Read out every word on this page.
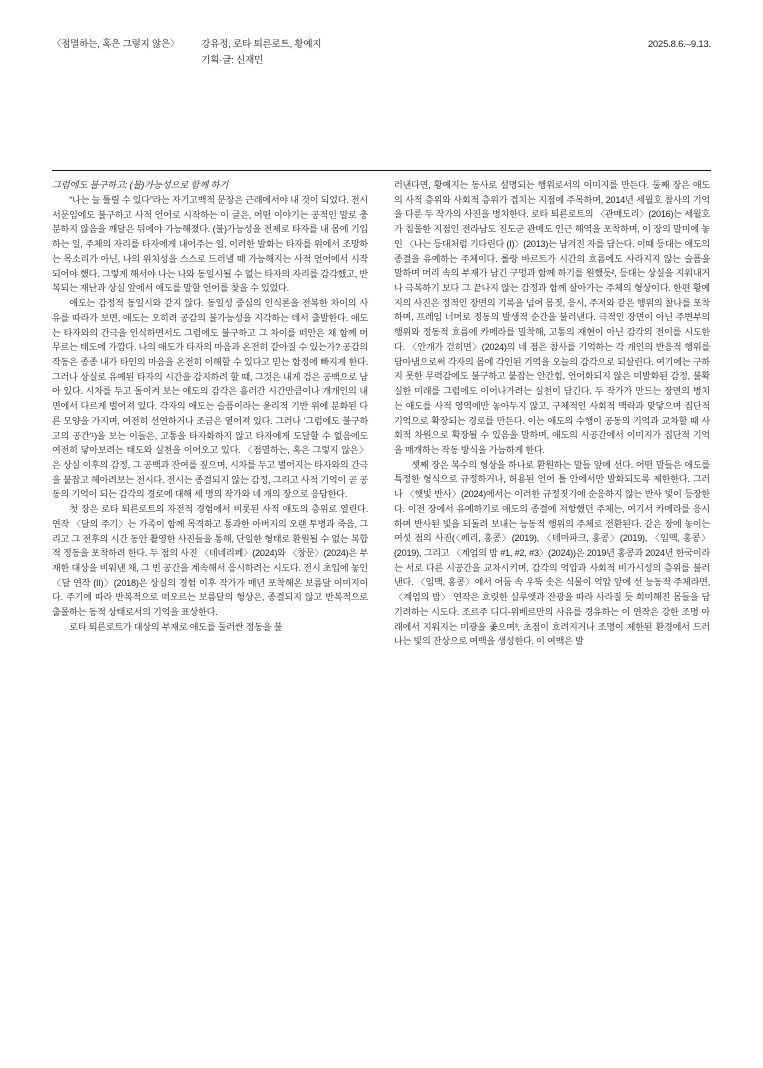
〈점멸하는, 혹은 그렇지 않은〉 강유정, 로타 퇴른로트, 황예지
기획·글: 신재민
2025.8.6.–9.13.

그럼에도 불구하고: (불)가능성으로 함께 하기

“나는 늘 틀릴 수 있다”라는 자기고백적 문장은 근래에서야 내 것이 되었다. 전시 서문임에도 불구하고 사적 언어로 시작하는 이 글은, 어떤 이야기는 공적인 말로 충분하지 않음을 깨달은 뒤에야 가능해졌다. (불)가능성을 전제로 타자를 내 몸에 기입하는 일, 주체의 자리를 타자에게 내어주는 일. 이러한 발화는 타자를 위에서 조망하는 목소리가 아닌, 나의 위치성을 스스로 드러낼 때 가능해지는 사적 언어에서 시작되어야 했다. 그렇게 해서야 나는 나와 동일시될 수 없는 타자의 자리를 감각했고, 반복되는 재난과 상실 앞에서 애도를 말할 언어를 찾을 수 있었다.

애도는 감정적 동일시와 같지 않다. 동일성 중심의 인식론을 전복한 차이의 사유를 따라가 보면, 애도는 오히려 공감의 불가능성을 지각하는 데서 출발한다. 애도는 타자와의 간극을 인식하면서도 그럼에도 불구하고 그 차이를 떠안은 채 함께 머무르는 태도에 가깝다. 나의 애도가 타자의 마음과 온전히 같아질 수 있는가? 공감의 작동은 종종 내가 타인의 마음을 온전히 이해할 수 있다고 믿는 함정에 빠지게 한다. 그러나 상실로 유예된 타자의 시간을 감지하려 할 때, 그것은 내게 검은 공백으로 남아 있다. 시차를 두고 돌이켜 보는 애도의 감각은 흘러간 시간만큼이나 개개인의 내면에서 다르게 벌어져 있다. 각자의 애도는 슬픔이라는 윤리적 기반 위에 분화된 다른 모양을 가지며, 여전히 선연하거나 조금은 옅어져 있다. 그러나 ‘그럼에도 불구하고의 공간’¹)을 보는 이들은, 고통을 타자화하지 않고 타자에게 도달할 수 없음에도 여전히 닿아보려는 태도와 실천을 이어오고 있다. 〈점멸하는, 혹은 그렇지 않은〉은 상실 이후의 감정, 그 공백과 잔여를 짚으며, 시차를 두고 벌어지는 타자와의 간극을 붙잡고 헤아려보는 전시다. 전시는 종결되지 않는 감정, 그리고 사적 기억이 곧 공동의 기억이 되는 감각의 경로에 대해 세 명의 작가와 네 개의 장으로 응답한다.

첫 장은 로타 퇴른로트의 자전적 경험에서 비롯된 사적 애도의 층위로 열린다. 연작 〈달의 주기〉는 가족이 함께 목격하고 통과한 아버지의 오랜 투병과 죽음, 그리고 그 전후의 시간 동안 촬영한 사진들을 통해, 단일한 형태로 환원될 수 없는 복합적 정동을 포착하려 한다. 두 점의 사진 〈테네리페〉(2024)와 〈창문〉(2024)은 부재한 대상을 비워낸 채, 그 빈 공간을 계속해서 응시하려는 시도다. 전시 초입에 놓인 〈달 연작 (II)〉(2018)은 상실의 경험 이후 작가가 매년 포착해온 보름달 이미지이다. 주기에 따라 반복적으로 떠오르는 보름달의 형상은, 종결되지 않고 반복적으로 출몰하는 동적 상태로서의 기억을 표상한다.

로타 퇴른로트가 대상의 부재로 애도를 둘러싼 정동을 불

러낸다면, 황예지는 동사로 설명되는 행위로서의 이미지를 만든다. 둘째 장은 애도의 사적 층위와 사회적 층위가 겹치는 지점에 주목하며, 2014년 세월호 참사의 기억을 다룬 두 작가의 사진을 병치한다. 로타 퇴른로트의 〈관매도리〉(2016)는 세월호가 침몰한 지점인 전라남도 진도군 관매도 인근 해역을 포착하며, 이 장의 말미에 놓인 〈나는 등대처럼 기다린다 (I)〉(2013)는 남겨진 자를 담는다. 이때 등대는 애도의 종결을 유예하는 주체이다. 롤랑 바르트가 시간의 흐름에도 사라지지 않는 슬픔을 말하며 머리 속의 부재가 남긴 구멍과 함께 하기를 원했듯², 등대는 상실을 지워내거나 극복하기 보다 그 끝나지 않는 감정과 함께 살아가는 주체의 형상이다. 한편 황예지의 사진은 정적인 장면의 기록을 넘어 몸짓, 응시, 주저와 같은 행위의 찰나를 포착하며, 프레임 너머로 정동의 발생적 순간을 불러낸다. 극적인 장면이 아닌 주변부의 행위와 정동적 흐름에 카메라를 밀착해, 고통의 재현이 아닌 감각의 전이를 시도한다. 〈안개가 걷히면〉(2024)의 네 점은 참사를 기억하는 각 개인의 반응적 행위를 담아냄으로써 각자의 몸에 각인된 기억을 오늘의 감각으로 되살린다. 여기에는 구하지 못한 무력감에도 불구하고 붙잡는 안간힘, 언어화되지 않은 미발화된 감정, 불확실한 미래를 그럼에도 이어나가려는 실천이 담긴다. 두 작가가 만드는 장면의 병치는 애도를 사적 영역에만 놓아두지 않고, 구체적인 사회적 맥락과 맞닿으며 집단적 기억으로 확장되는 경로를 만든다. 이는 애도의 수행이 공동의 기억과 교차할 때 사회적 차원으로 확장될 수 있음을 말하며, 애도의 시공간에서 이미지가 집단적 기억을 매개하는 작동 방식을 가늠하게 한다.

셋째 장은 복수의 형상을 하나로 환원하는 말들 앞에 선다. 어떤 말들은 애도를 특정한 형식으로 규정하거나, 허용된 언어 틀 안에서만 발화되도록 제한한다. 그러나 〈햇빛 반사〉(2024)에서는 이러한 규정짓기에 순응하지 않는 반사 빛이 등장한다. 이전 장에서 유예하기로 애도의 종결에 저항했던 주체는, 여기서 카메라를 응시하며 반사된 빛을 되돌려 보내는 능동적 행위의 주체로 전환된다. 같은 장에 놓이는 여섯 점의 사진(〈페리, 홍콩〉(2019), 〈테마파크, 홍콩〉(2019), 〈임맥, 홍콩〉(2019), 그리고 〈계엄의 밤 #1, #2, #3〉(2024))은 2019년 홍콩과 2024년 한국이라는 서로 다른 시공간을 교차시키며, 감각의 억압과 사회적 비가시성의 층위를 불러낸다. 〈임맥, 홍콩〉에서 어둠 속 우뚝 솟은 식물이 억압 앞에 선 능동적 주체라면, 〈계엄의 밤〉 연작은 흐릿한 실루엣과 잔광을 따라 사라질 듯 희미해진 몸들을 담기려하는 시도다. 조르주 디디-위베르만의 사유를 경유하는 이 연작은 강한 조명 아래에서 지워지는 미광을 좇으며³, 초점이 흐려지거나 조명이 제한된 환경에서 드러나는 빛의 잔상으로 여백을 생성한다. 이 여백은 발
